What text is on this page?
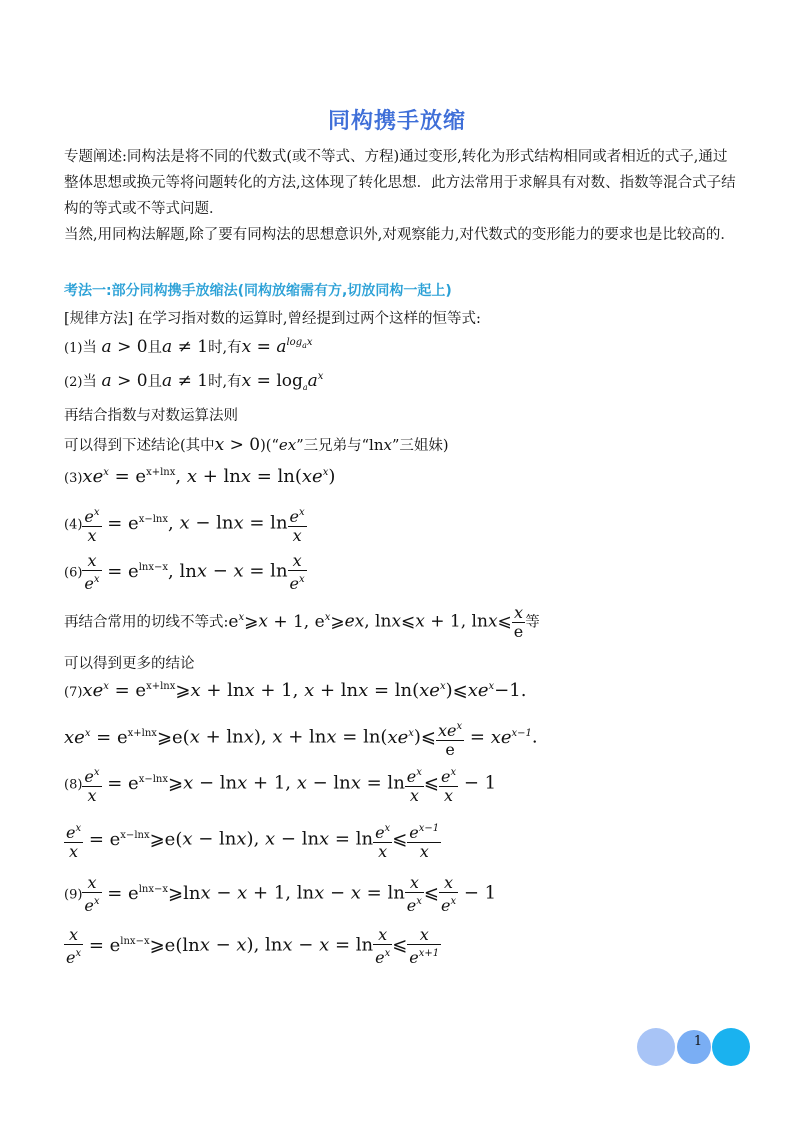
同构携手放缩
专题阐述:同构法是将不同的代数式(或不等式、方程)通过变形,转化为形式结构相同或者相近的式子,通过整体思想或换元等将问题转化的方法,这体现了转化思想．此方法常用于求解具有对数、指数等混合式子结构的等式或不等式问题．
当然,用同构法解题,除了要有同构法的思想意识外,对观察能力,对代数式的变形能力的要求也是比较高的．
考法一:部分同构携手放缩法(同构放缩需有方,切放同构一起上)
[规律方法] 在学习指对数的运算时,曾经提到过两个这样的恒等式:
(1)当 a > 0且a ≠ 1时,有$x = a^{log_ax}$
(2)当 a > 0且a ≠ 1时,有$x = \log_aa^x$
再结合指数与对数运算法则
可以得到下述结论(其中x > 0)(“ex”三兄弟与“lnx”三姐妹)
$(3)xe^x = e^{x+lnx}$, $x + \ln x = \ln(xe^x)$
$(4) \frac{e^x}{x} = e^{x-lnx}$, $x - \ln x = \ln \frac{e^x}{x}$
$(6) \frac{x}{e^x} = e^{lnx-x}$, $\ln x - x = \ln \frac{x}{e^x}$
再结合常用的切线不等式$:e^x⩾x + 1$, $e^x⩾ex$, lnx⩽x + 1, lnx⩽ $\frac{x}{e}$ 等
可以得到更多的结论
$(7)xe^x$ = $e^{x+lnx}⩾x + \ln x + 1$, $x + \ln x = \ln(xe^x)⩽xe^x-1$.
$xe^x$ = $e^{x+lnx}⩾e(x + \ln x)$, $x + \ln x = \ln(xe^x)⩽ \frac{xe^x}{e} = xe^{x-1}$.
$(8) \frac{e^x}{x}$ = $e^{x-lnx}⩾x - \ln x + 1$, $x - \ln x = \ln \frac{e^x}{x}$ ⩽ $\frac{e^x}{x} - 1$
$\frac{e^x}{x}$ = $e^{x-lnx}⩾e(x - \ln x)$, $x - \ln x = \ln \frac{e^x}{x}$ ⩽ $\frac{e^{x-1}}{x}$
$(9) \frac{x}{e^x}$ = $e^{lnx-x}⩾\ln x - x + 1$, $\ln x - x = \ln \frac{x}{e^x}$ ⩽ $\frac{x}{e^x} - 1$
$\frac{x}{e^x}$ = $e^{lnx-x}⩾e(\ln x - x)$, $\ln x - x = \ln \frac{x}{e^x}$ ⩽ $\frac{x}{e^{x+1}}$
1
